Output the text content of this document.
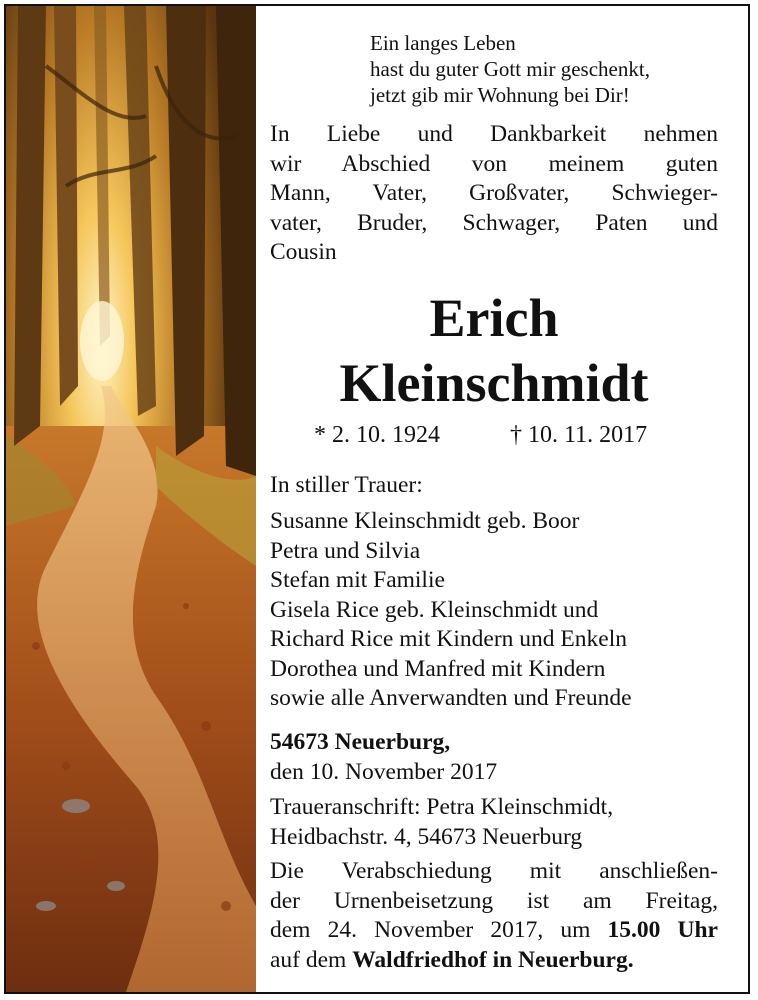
Ein langes Leben
hast du guter Gott mir geschenkt,
jetzt gib mir Wohnung bei Dir!
In Liebe und Dankbarkeit nehmen
wir Abschied von meinem guten
Mann, Vater, Großvater, Schwieger-
vater, Bruder, Schwager, Paten und
Cousin
Erich
Kleinschmidt
* 2. 10. 1924	† 10. 11. 2017
In stiller Trauer:
Susanne Kleinschmidt geb. Boor
Petra und Silvia
Stefan mit Familie
Gisela Rice geb. Kleinschmidt und
Richard Rice mit Kindern und Enkeln
Dorothea und Manfred mit Kindern
sowie alle Anverwandten und Freunde
54673 Neuerburg,
den 10. November 2017
Traueranschrift: Petra Kleinschmidt,
Heidbachstr. 4, 54673 Neuerburg
Die Verabschiedung mit anschließen-
der Urnenbeisetzung ist am Freitag,
dem 24. November 2017, um 15.00 Uhr
auf dem Waldfriedhof in Neuerburg.
